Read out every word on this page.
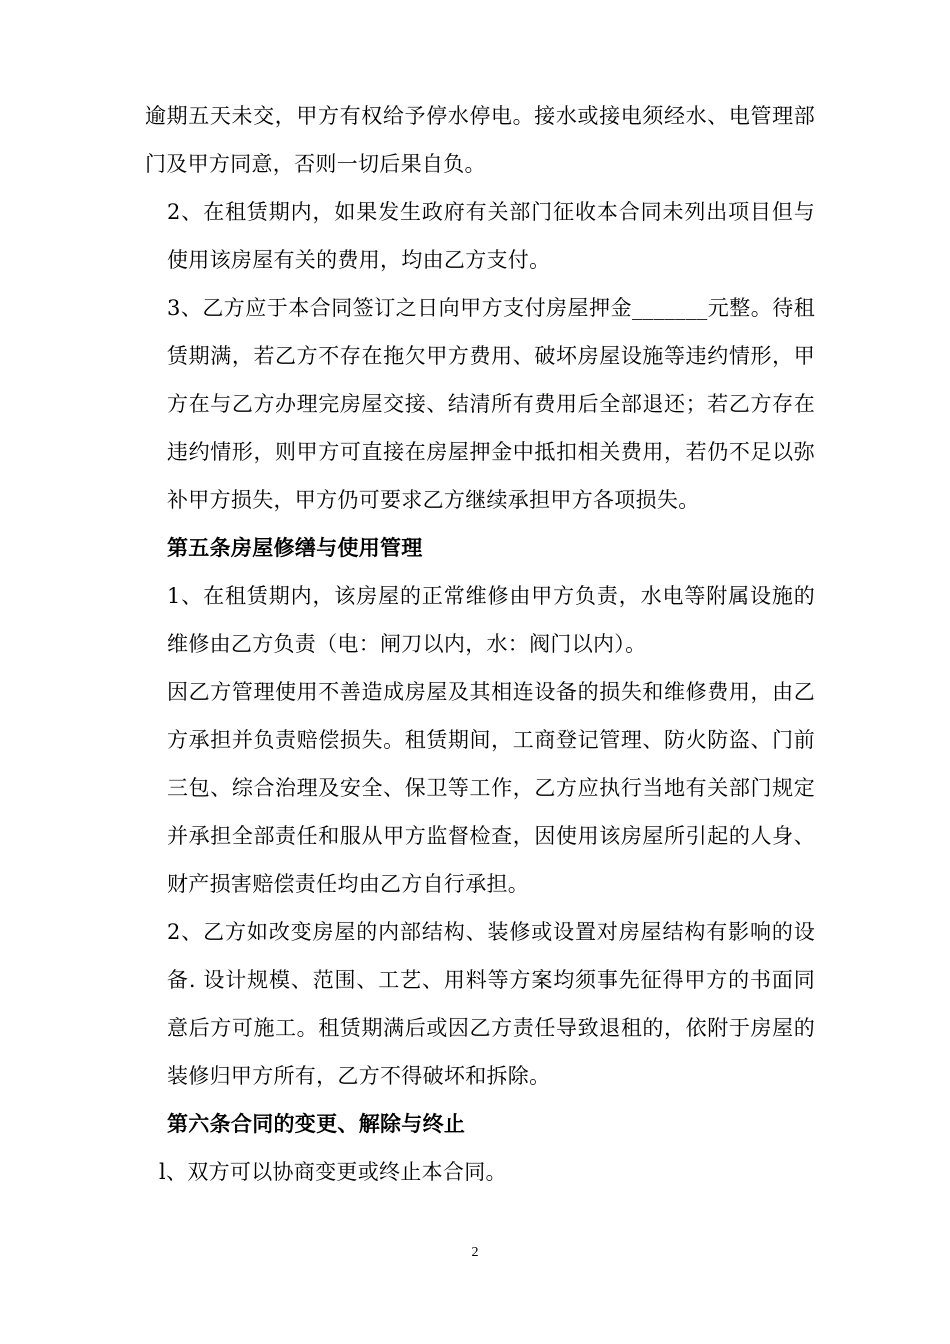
逾期五天未交，甲方有权给予停水停电。接水或接电须经水、电管理部门及甲方同意，否则一切后果自负。

2、在租赁期内，如果发生政府有关部门征收本合同未列出项目但与使用该房屋有关的费用，均由乙方支付。

3、乙方应于本合同签订之日向甲方支付房屋押金_______元整。待租赁期满，若乙方不存在拖欠甲方费用、破坏房屋设施等违约情形，甲方在与乙方办理完房屋交接、结清所有费用后全部退还；若乙方存在违约情形，则甲方可直接在房屋押金中抵扣相关费用，若仍不足以弥补甲方损失，甲方仍可要求乙方继续承担甲方各项损失。

第五条房屋修缮与使用管理

1、在租赁期内，该房屋的正常维修由甲方负责，水电等附属设施的维修由乙方负责（电：闸刀以内，水：阀门以内）。

因乙方管理使用不善造成房屋及其相连设备的损失和维修费用，由乙方承担并负责赔偿损失。租赁期间，工商登记管理、防火防盗、门前三包、综合治理及安全、保卫等工作，乙方应执行当地有关部门规定并承担全部责任和服从甲方监督检查，因使用该房屋所引起的人身、财产损害赔偿责任均由乙方自行承担。

2、乙方如改变房屋的内部结构、装修或设置对房屋结构有影响的设备. 设计规模、范围、工艺、用料等方案均须事先征得甲方的书面同意后方可施工。租赁期满后或因乙方责任导致退租的，依附于房屋的装修归甲方所有，乙方不得破坏和拆除。

第六条合同的变更、解除与终止

l、双方可以协商变更或终止本合同。

2
